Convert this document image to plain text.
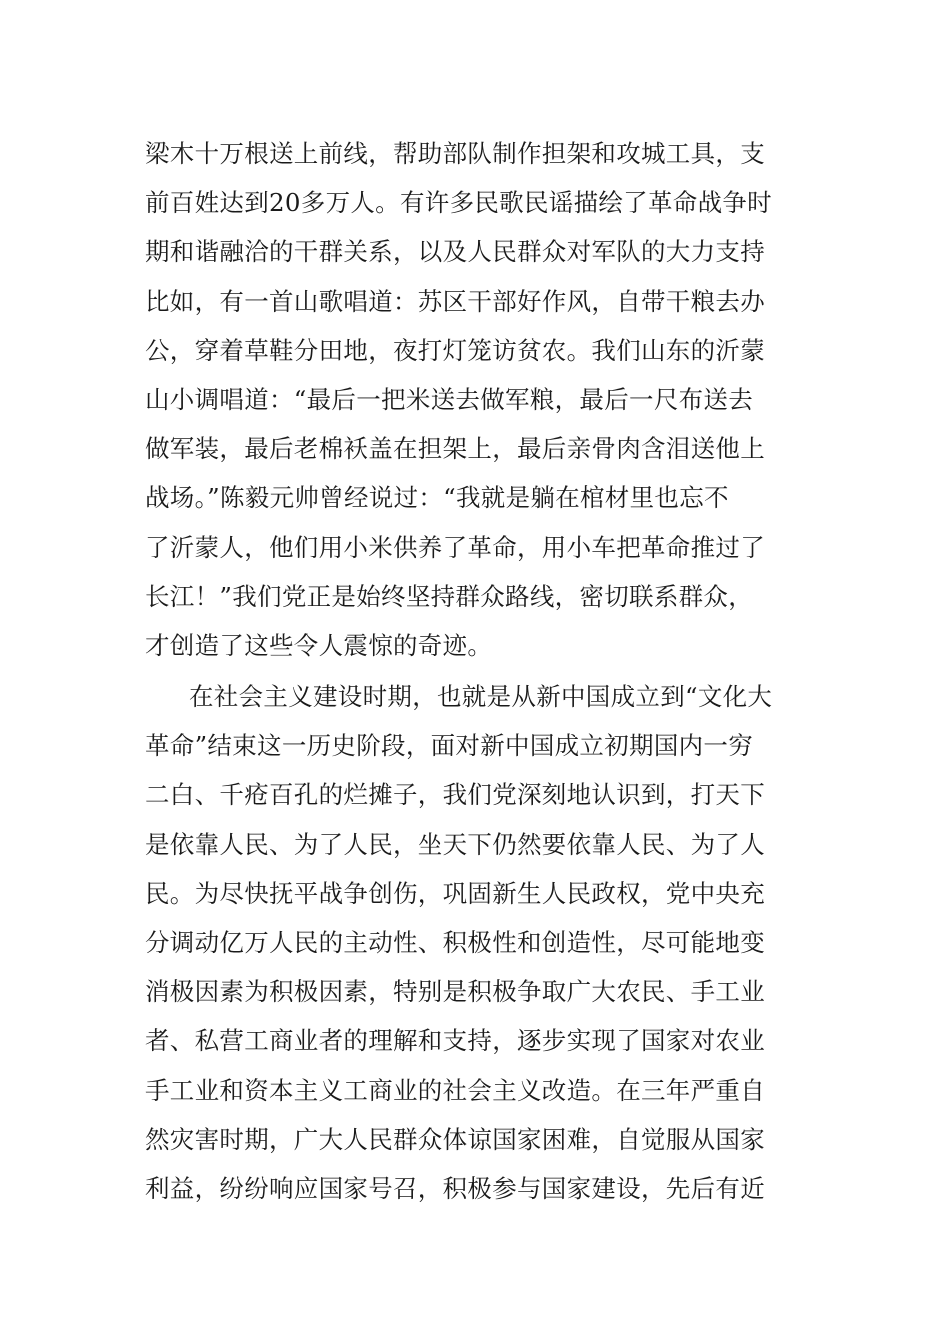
梁木十万根送上前线，帮助部队制作担架和攻城工具，支
前百姓达到20多万人。有许多民歌民谣描绘了革命战争时
期和谐融洽的干群关系，以及人民群众对军队的大力支持
比如，有一首山歌唱道：苏区干部好作风，自带干粮去办
公，穿着草鞋分田地，夜打灯笼访贫农。我们山东的沂蒙
山小调唱道：“最后一把米送去做军粮，最后一尺布送去
做军装，最后老棉袄盖在担架上，最后亲骨肉含泪送他上
战场。”陈毅元帅曾经说过：“我就是躺在棺材里也忘不
了沂蒙人，他们用小米供养了革命，用小车把革命推过了
长江！”我们党正是始终坚持群众路线，密切联系群众，
才创造了这些令人震惊的奇迹。
在社会主义建设时期，也就是从新中国成立到“文化大
革命”结束这一历史阶段，面对新中国成立初期国内一穷
二白、千疮百孔的烂摊子，我们党深刻地认识到，打天下
是依靠人民、为了人民，坐天下仍然要依靠人民、为了人
民。为尽快抚平战争创伤，巩固新生人民政权，党中央充
分调动亿万人民的主动性、积极性和创造性，尽可能地变
消极因素为积极因素，特别是积极争取广大农民、手工业
者、私营工商业者的理解和支持，逐步实现了国家对农业
手工业和资本主义工商业的社会主义改造。在三年严重自
然灾害时期，广大人民群众体谅国家困难，自觉服从国家
利益，纷纷响应国家号召，积极参与国家建设，先后有近
